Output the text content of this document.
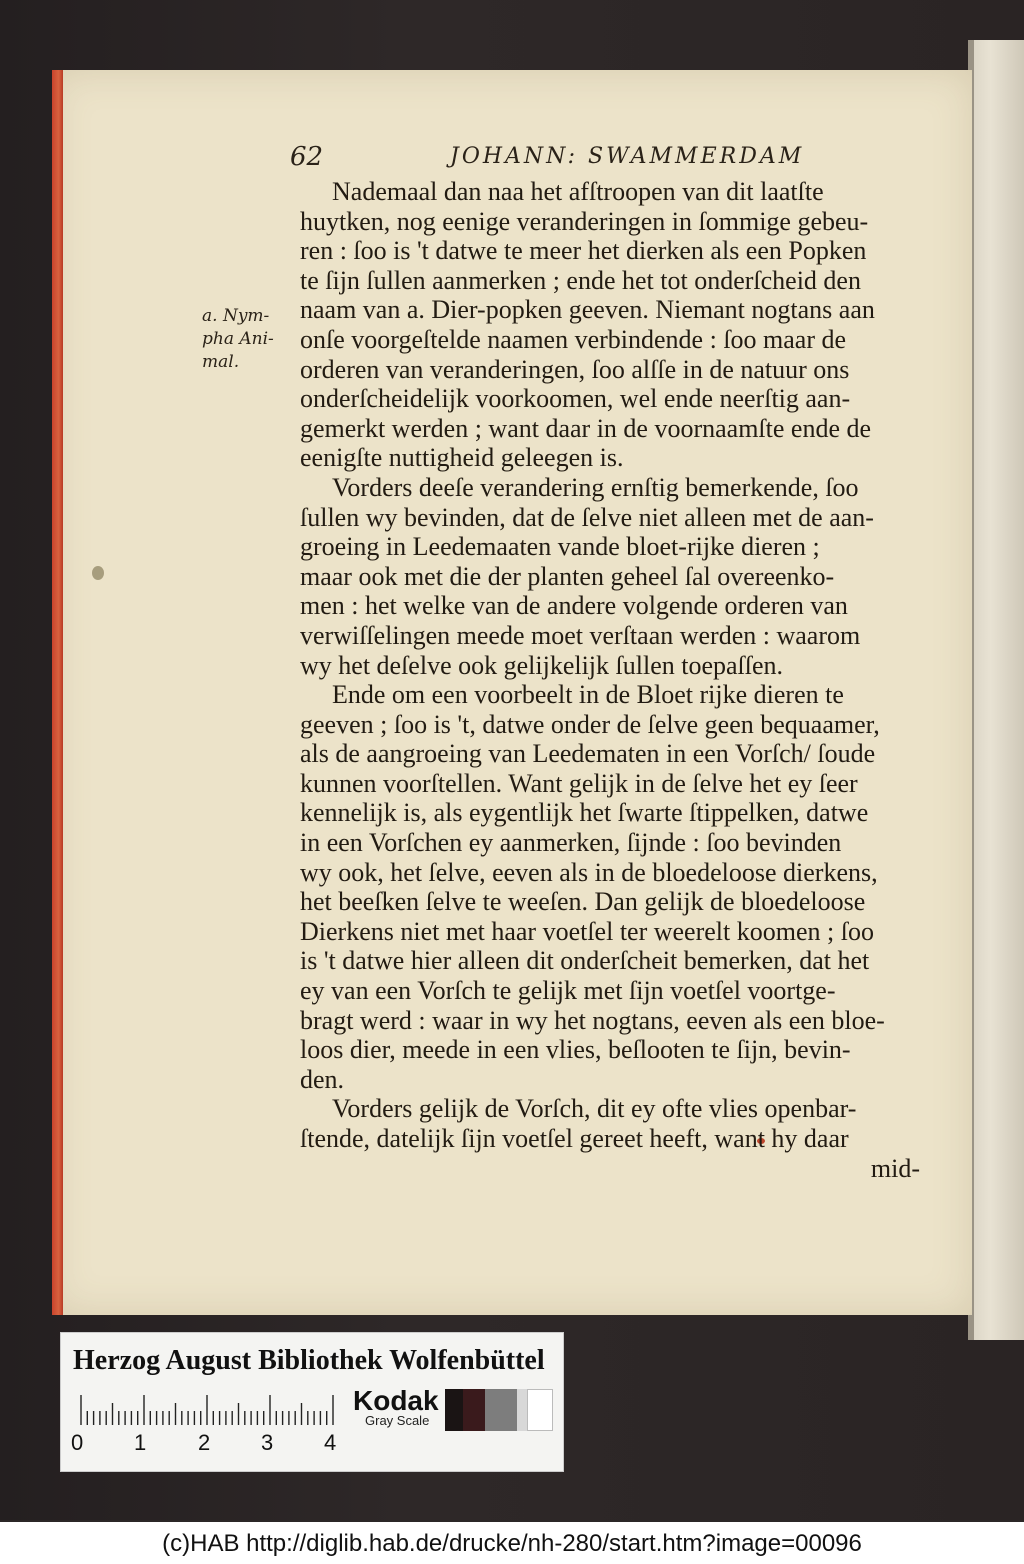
62	JOHANN: SWAMMERDAM
a. Nym-
pha Ani-
mal.
Nademaal dan naa het afſtroopen van dit laatſte
huytken, nog eenige veranderingen in ſommige gebeu-
ren : ſoo is 't datwe te meer het dierken als een Popken
te ſijn ſullen aanmerken ; ende het tot onderſcheid den
naam van a. Dier-popken geeven. Niemant nogtans aan
onſe voorgeſtelde naamen verbindende : ſoo maar de
orderen van veranderingen, ſoo alſſe in de natuur ons
onderſcheidelijk voorkoomen, wel ende neerſtig aan-
gemerkt werden ; want daar in de voornaamſte ende de
eenigſte nuttigheid geleegen is.
Vorders deeſe verandering ernſtig bemerkende, ſoo
ſullen wy bevinden, dat de ſelve niet alleen met de aan-
groeing in Leedemaaten vande bloet-rijke dieren ;
maar ook met die der planten geheel ſal overeenko-
men : het welke van de andere volgende orderen van
verwiſſelingen meede moet verſtaan werden : waarom
wy het deſelve ook gelijkelijk ſullen toepaſſen.
Ende om een voorbeelt in de Bloet rijke dieren te
geeven ; ſoo is 't, datwe onder de ſelve geen bequaamer,
als de aangroeing van Leedematen in een Vorſch/ ſoude
kunnen voorſtellen. Want gelijk in de ſelve het ey ſeer
kennelijk is, als eygentlijk het ſwarte ſtippelken, datwe
in een Vorſchen ey aanmerken, ſijnde : ſoo bevinden
wy ook, het ſelve, eeven als in de bloedeloose dierkens,
het beeſken ſelve te weeſen. Dan gelijk de bloedeloose
Dierkens niet met haar voetſel ter weerelt koomen ; ſoo
is 't datwe hier alleen dit onderſcheit bemerken, dat het
ey van een Vorſch te gelijk met ſijn voetſel voortge-
bragt werd : waar in wy het nogtans, eeven als een bloe-
loos dier, meede in een vlies, beſlooten te ſijn, bevin-
den.
Vorders gelijk de Vorſch, dit ey ofte vlies openbar-
ſtende, datelijk ſijn voetſel gereet heeft, want hy daar
mid-
Herzog August Bibliothek Wolfenbüttel
0 1 2 3 4
Kodak
Gray Scale
(c)HAB http://diglib.hab.de/drucke/nh-280/start.htm?image=00096
